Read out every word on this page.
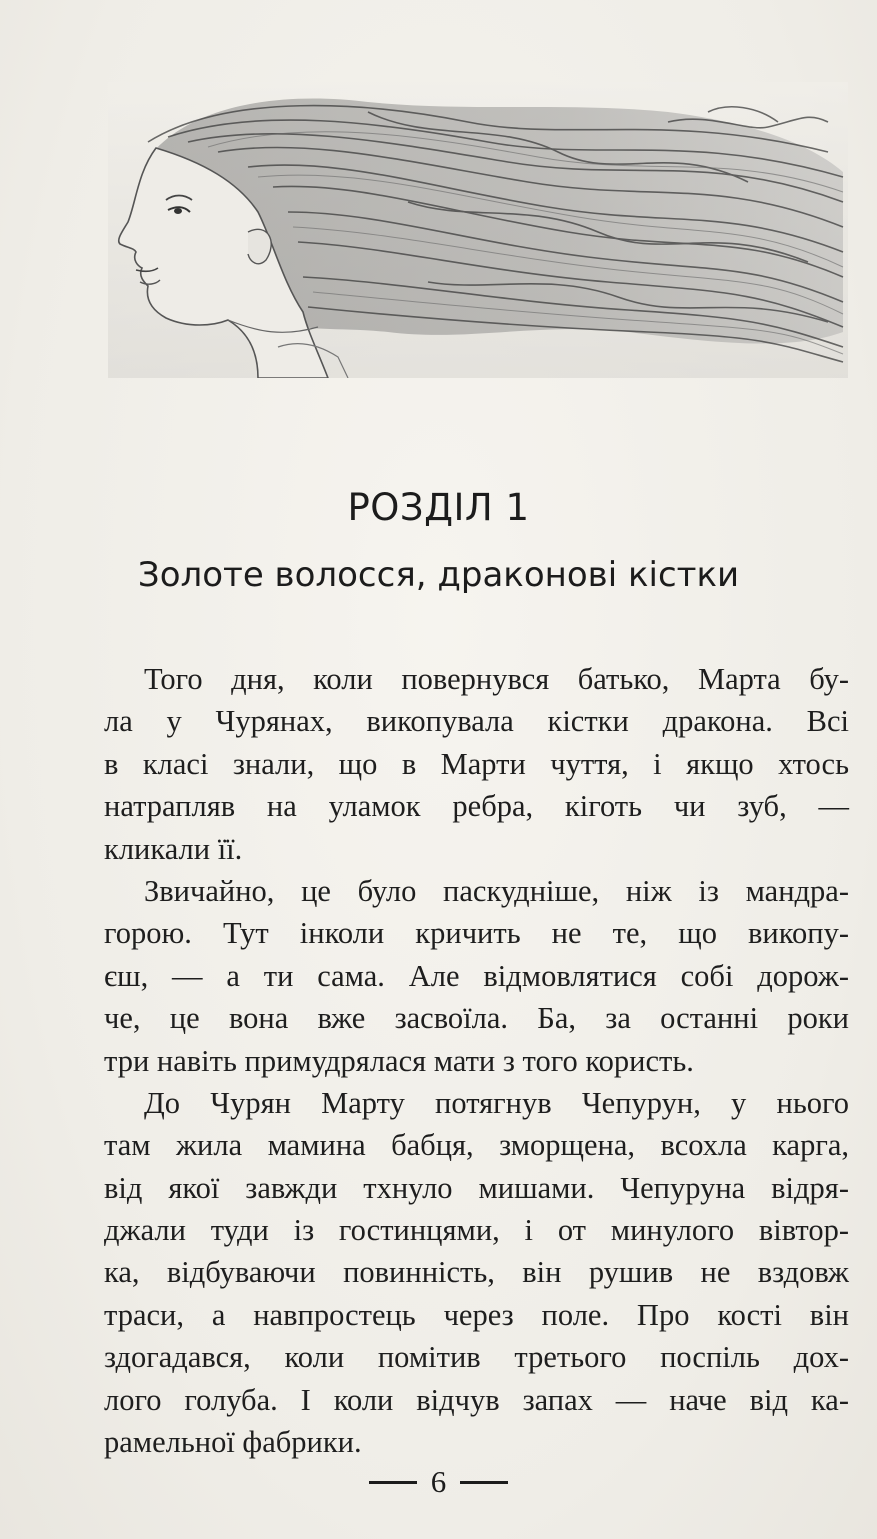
РОЗДІЛ 1
Золоте волосся, драконові кістки

Того дня, коли повернувся батько, Марта бу-

ла у Чурянах, викопувала кістки дракона. Всі

в класі знали, що в Марти чуття, і якщо хтось

натрапляв на уламок ребра, кіготь чи зуб, —

кликали її.

Звичайно, це було паскудніше, ніж із мандра-

горою. Тут інколи кричить не те, що викопу-

єш, — а ти сама. Але відмовлятися собі дорож-

че, це вона вже засвоїла. Ба, за останні роки

три навіть примудрялася мати з того користь.

До Чурян Марту потягнув Чепурун, у нього

там жила мамина бабця, зморщена, всохла карга,

від якої завжди тхнуло мишами. Чепуруна відря-

джали туди із гостинцями, і от минулого вівтор-

ка, відбуваючи повинність, він рушив не вздовж

траси, а навпростець через поле. Про кості він

здогадався, коли помітив третього поспіль дох-

лого голуба. І коли відчув запах — наче від ка-

рамельної фабрики.

6
